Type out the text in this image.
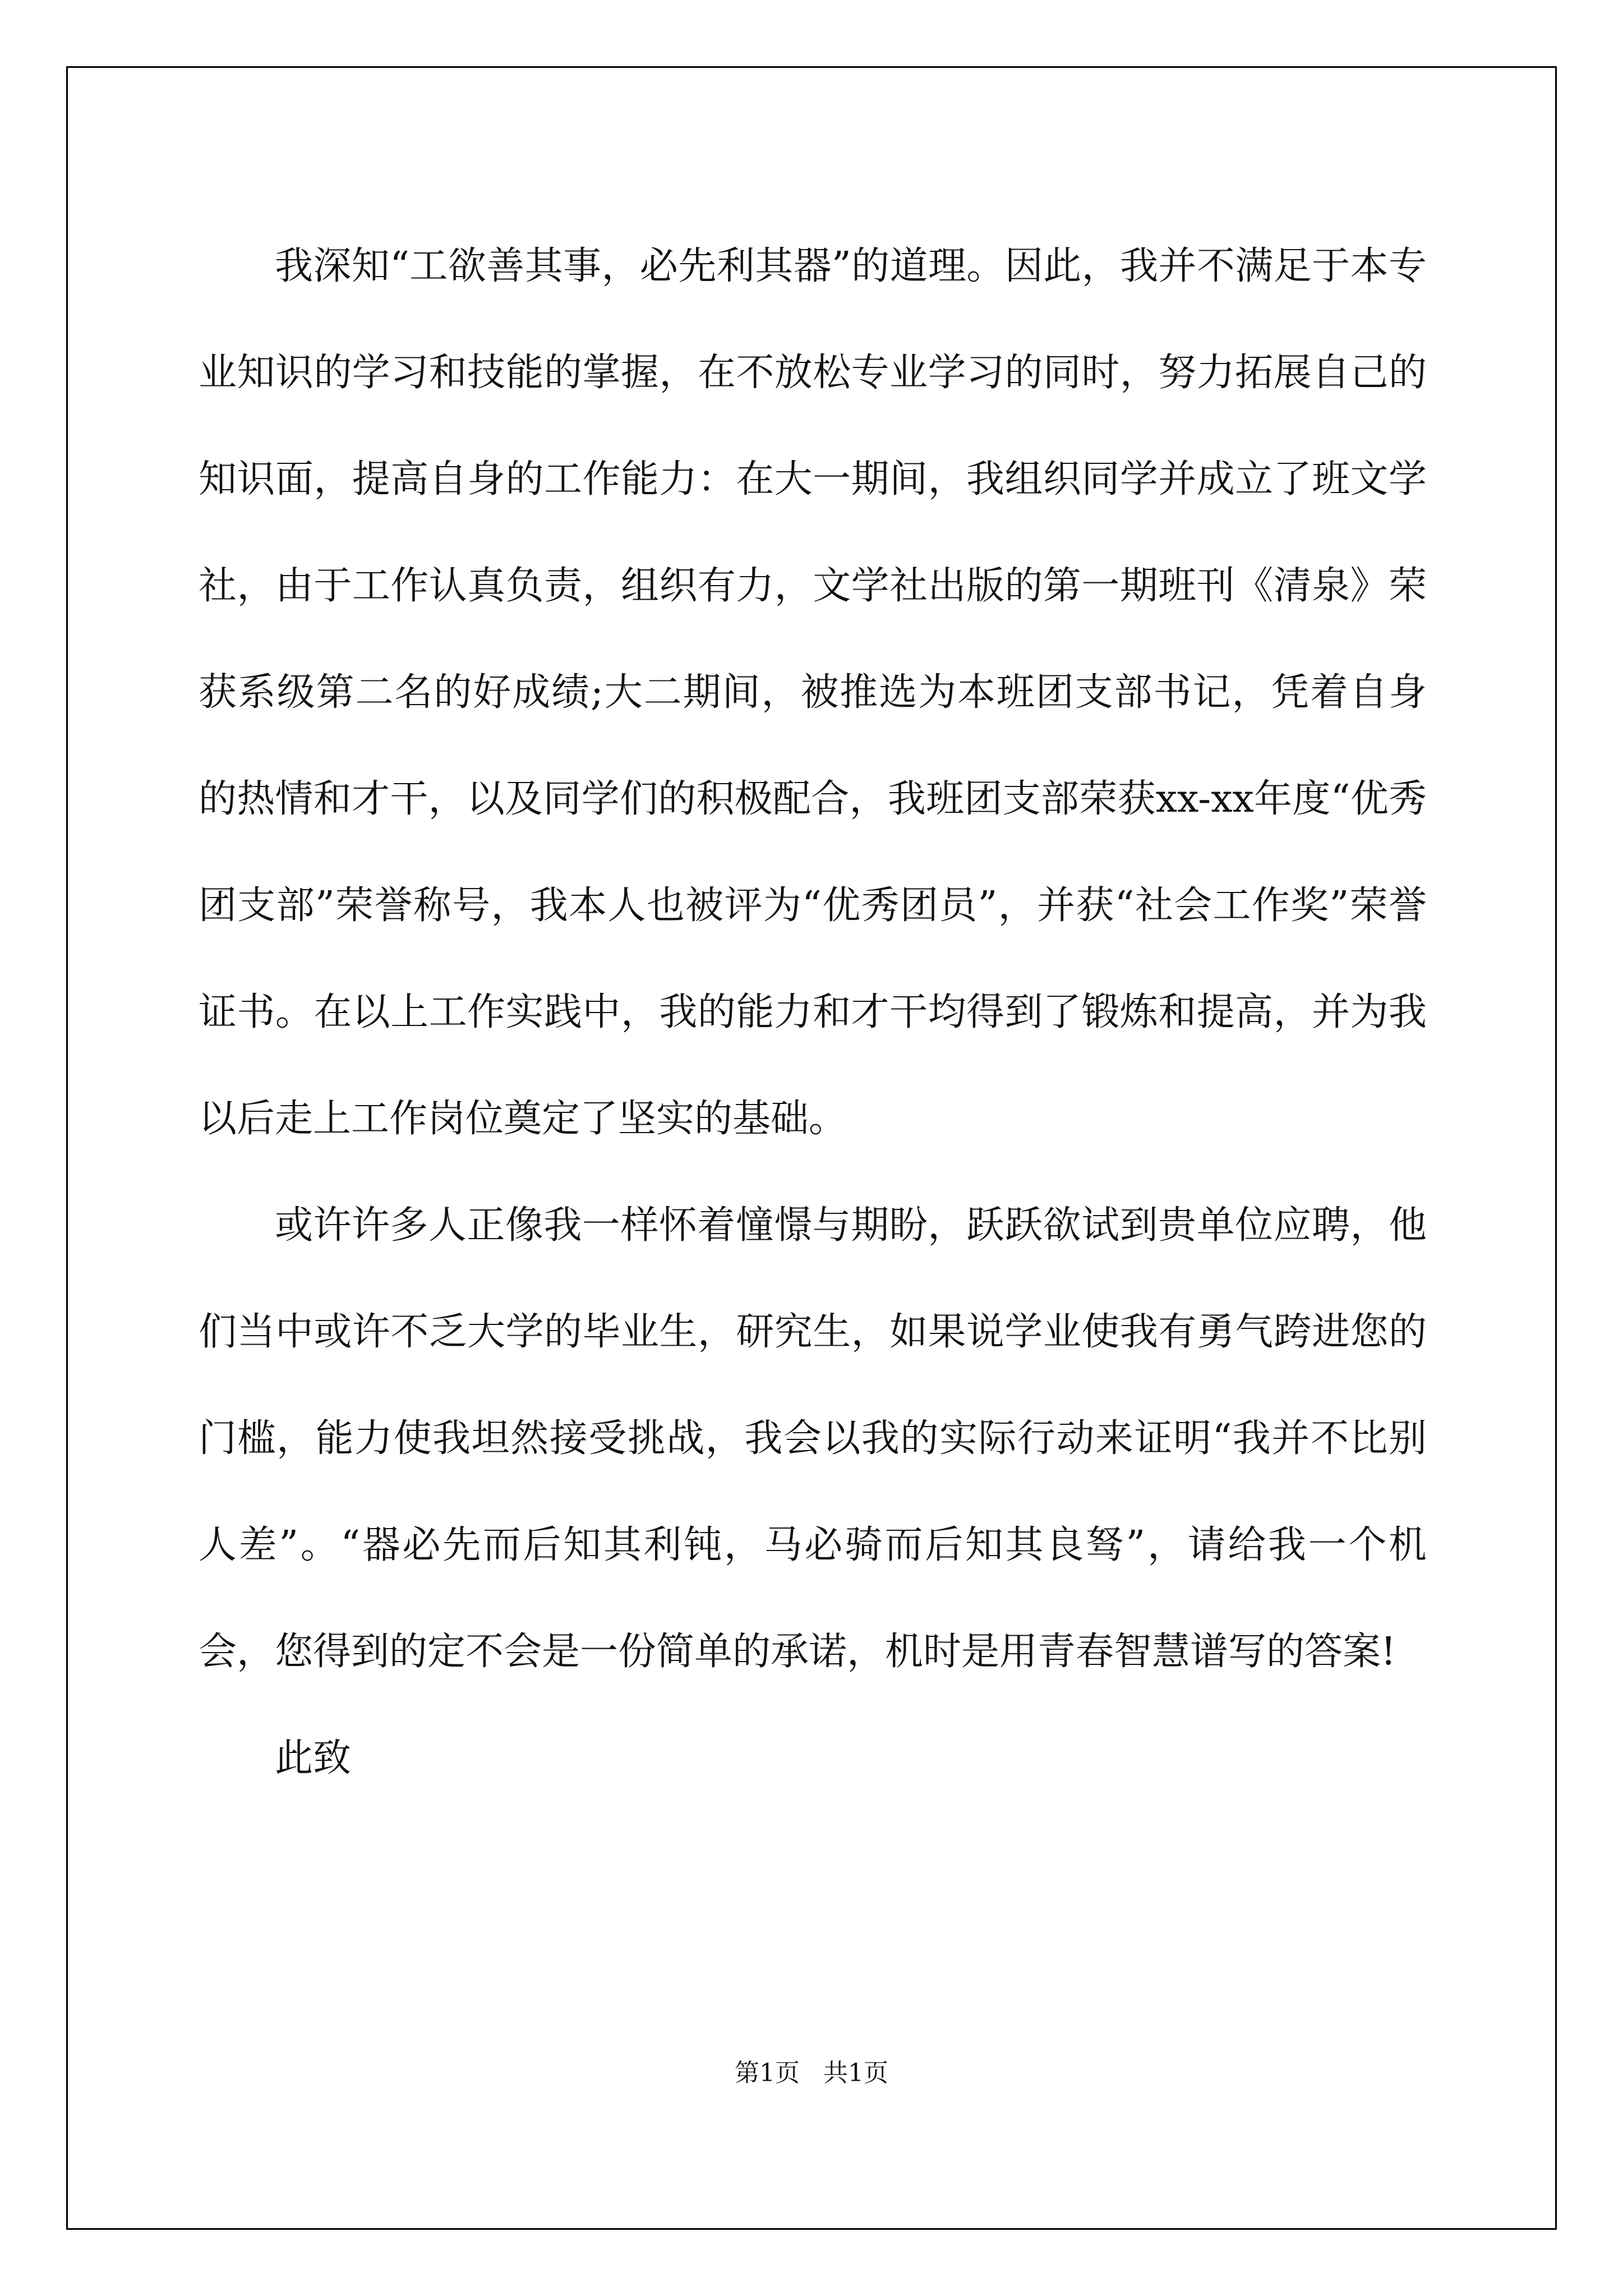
我深知“工欲善其事，必先利其器”的道理。因此，我并不满足于本专业知识的学习和技能的掌握，在不放松专业学习的同时，努力拓展自己的知识面，提高自身的工作能力：在大一期间，我组织同学并成立了班文学社，由于工作认真负责，组织有力，文学社出版的第一期班刊《清泉》荣获系级第二名的好成绩;大二期间，被推选为本班团支部书记，凭着自身的热情和才干，以及同学们的积极配合，我班团支部荣获xx-xx年度“优秀团支部”荣誉称号，我本人也被评为“优秀团员”，并获“社会工作奖”荣誉证书。在以上工作实践中，我的能力和才干均得到了锻炼和提高，并为我以后走上工作岗位奠定了坚实的基础。

或许许多人正像我一样怀着憧憬与期盼，跃跃欲试到贵单位应聘，他们当中或许不乏大学的毕业生，研究生，如果说学业使我有勇气跨进您的门槛，能力使我坦然接受挑战，我会以我的实际行动来证明“我并不比别人差”。“器必先而后知其利钝，马必骑而后知其良驽”，请给我一个机会，您得到的定不会是一份简单的承诺，机时是用青春智慧谱写的答案!

此致

第1页   共1页
